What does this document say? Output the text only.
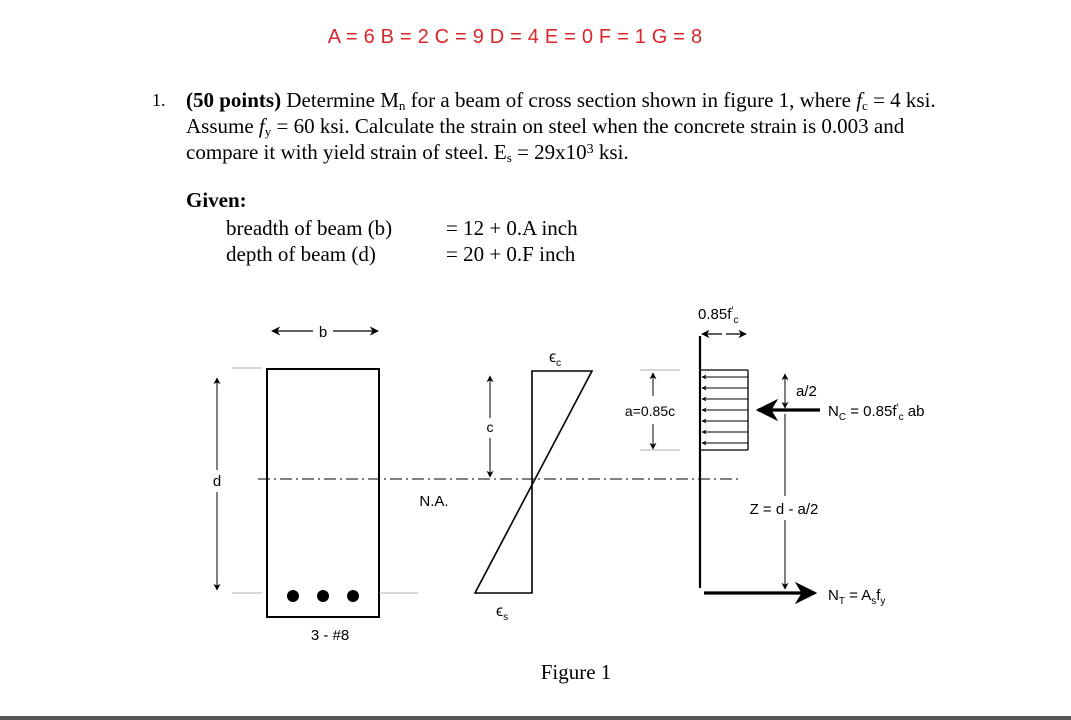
A = 6 B = 2 C = 9 D = 4 E = 0 F = 1 G = 8
1. (50 points) Determine $M_n$ for a beam of cross section shown in figure 1, where $f_c = 4$ ksi. Assume $f_y = 60$ ksi. Calculate the strain on steel when the concrete strain is 0.003 and compare it with yield strain of steel. $E_s = 29x10^3$ ksi.
Given:
breadth of beam (b)	= 12 + 0.A inch
depth of beam (d)	= 20 + 0.F inch
b
d
3 - #8
N.A.
c
$\epsilon_c$
$\epsilon_s$
$0.85f'_c$
a=0.85c	$N_C = 0.85f'_c$ ab
a/2
Z = d - a/2
$N_T = A_sf_y$
Figure 1
